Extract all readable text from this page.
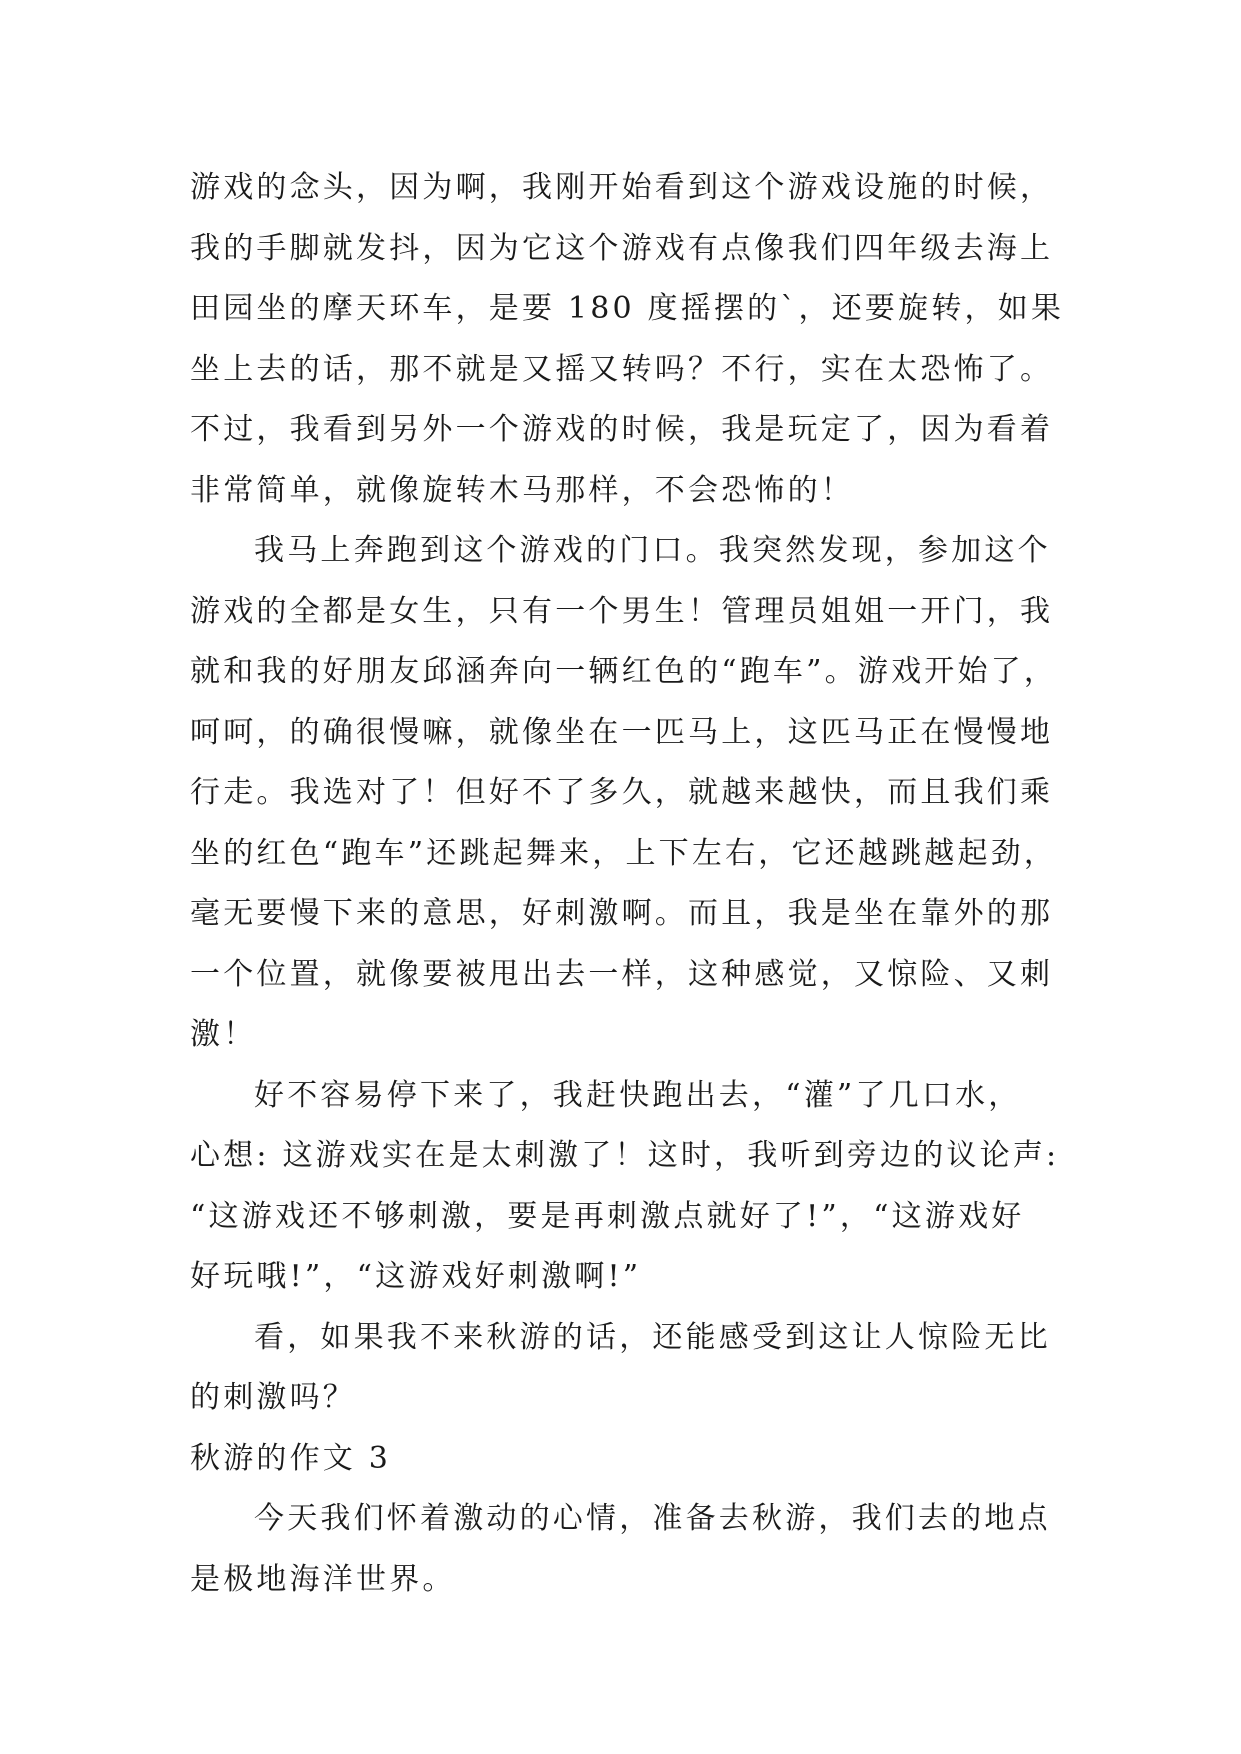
游戏的念头，因为啊，我刚开始看到这个游戏设施的时候，
我的手脚就发抖，因为它这个游戏有点像我们四年级去海上
田园坐的摩天环车，是要 180 度摇摆的`，还要旋转，如果
坐上去的话，那不就是又摇又转吗？不行，实在太恐怖了。
不过，我看到另外一个游戏的时候，我是玩定了，因为看着
非常简单，就像旋转木马那样，不会恐怖的！
我马上奔跑到这个游戏的门口。我突然发现，参加这个
游戏的全都是女生，只有一个男生！管理员姐姐一开门，我
就和我的好朋友邱涵奔向一辆红色的“跑车”。游戏开始了，
呵呵，的确很慢嘛，就像坐在一匹马上，这匹马正在慢慢地
行走。我选对了！但好不了多久，就越来越快，而且我们乘
坐的红色“跑车”还跳起舞来，上下左右，它还越跳越起劲，
毫无要慢下来的意思，好刺激啊。而且，我是坐在靠外的那
一个位置，就像要被甩出去一样，这种感觉，又惊险、又刺
激！
好不容易停下来了，我赶快跑出去，“灌”了几口水，
心想: 这游戏实在是太刺激了！这时，我听到旁边的议论声:
“这游戏还不够刺激，要是再刺激点就好了!”，“这游戏好
好玩哦!”，“这游戏好刺激啊!”
看，如果我不来秋游的话，还能感受到这让人惊险无比
的刺激吗？
秋游的作文 3
今天我们怀着激动的心情，准备去秋游，我们去的地点
是极地海洋世界。
